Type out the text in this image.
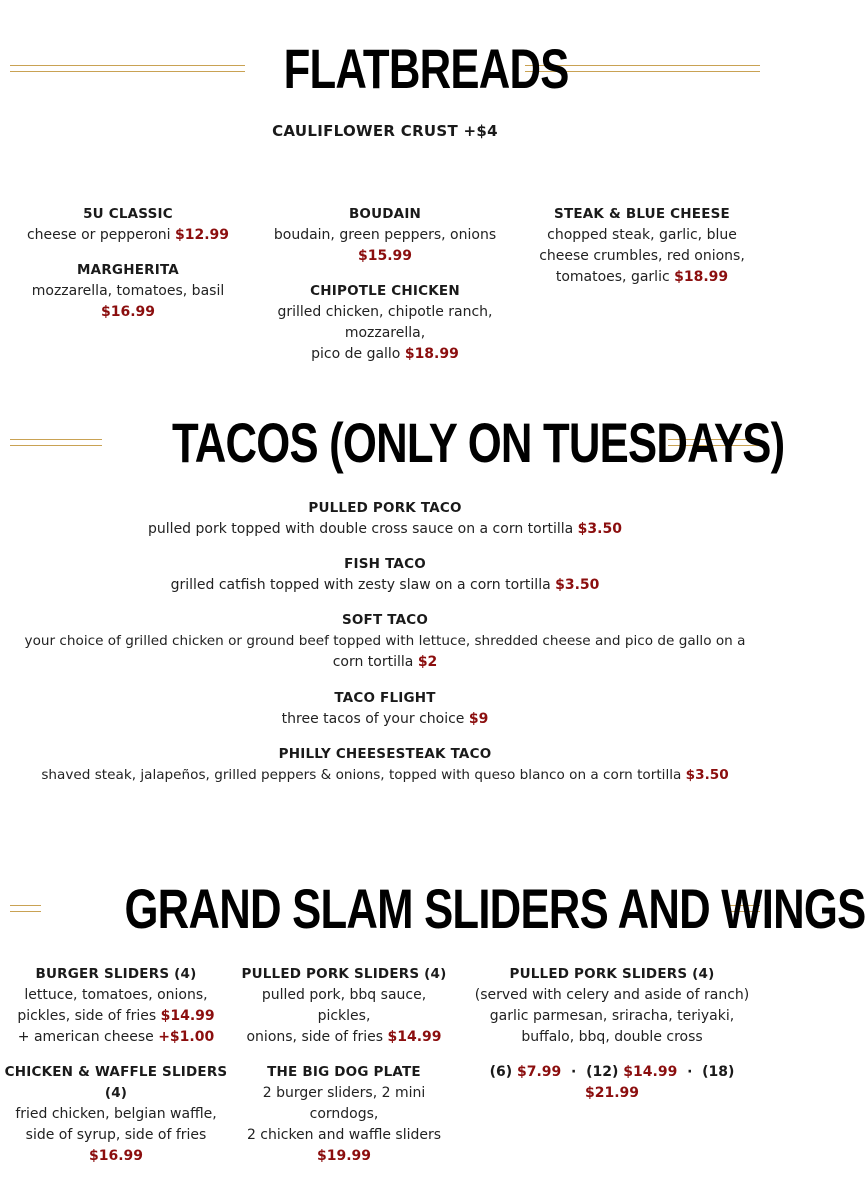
FLATBREADS
CAULIFLOWER CRUST +$4
5U CLASSIC
cheese or pepperoni $12.99
MARGHERITA
mozzarella, tomatoes, basil
$16.99
BOUDAIN
boudain, green peppers, onions
$15.99
CHIPOTLE CHICKEN
grilled chicken, chipotle ranch,
mozzarella,
pico de gallo $18.99
STEAK & BLUE CHEESE
chopped steak, garlic, blue
cheese crumbles, red onions,
tomatoes, garlic $18.99
TACOS (ONLY ON TUESDAYS)
PULLED PORK TACO
pulled pork topped with double cross sauce on a corn tortilla $3.50
FISH TACO
grilled catfish topped with zesty slaw on a corn tortilla $3.50
SOFT TACO
your choice of grilled chicken or ground beef topped with lettuce, shredded cheese and pico de gallo on a
corn tortilla $2
TACO FLIGHT
three tacos of your choice $9
PHILLY CHEESESTEAK TACO
shaved steak, jalapeños, grilled peppers & onions, topped with queso blanco on a corn tortilla $3.50
GRAND SLAM SLIDERS AND WINGS
BURGER SLIDERS (4)
lettuce, tomatoes, onions,
pickles, side of fries $14.99
+ american cheese +$1.00
CHICKEN & WAFFLE SLIDERS
(4)
fried chicken, belgian waffle,
side of syrup, side of fries
$16.99
PULLED PORK SLIDERS (4)
pulled pork, bbq sauce,
pickles,
onions, side of fries $14.99
THE BIG DOG PLATE
2 burger sliders, 2 mini
corndogs,
2 chicken and waffle sliders
$19.99
PULLED PORK SLIDERS (4)
(served with celery and aside of ranch)
garlic parmesan, sriracha, teriyaki,
buffalo, bbq, double cross
(6) $7.99 · (12) $14.99 · (18) $21.99
